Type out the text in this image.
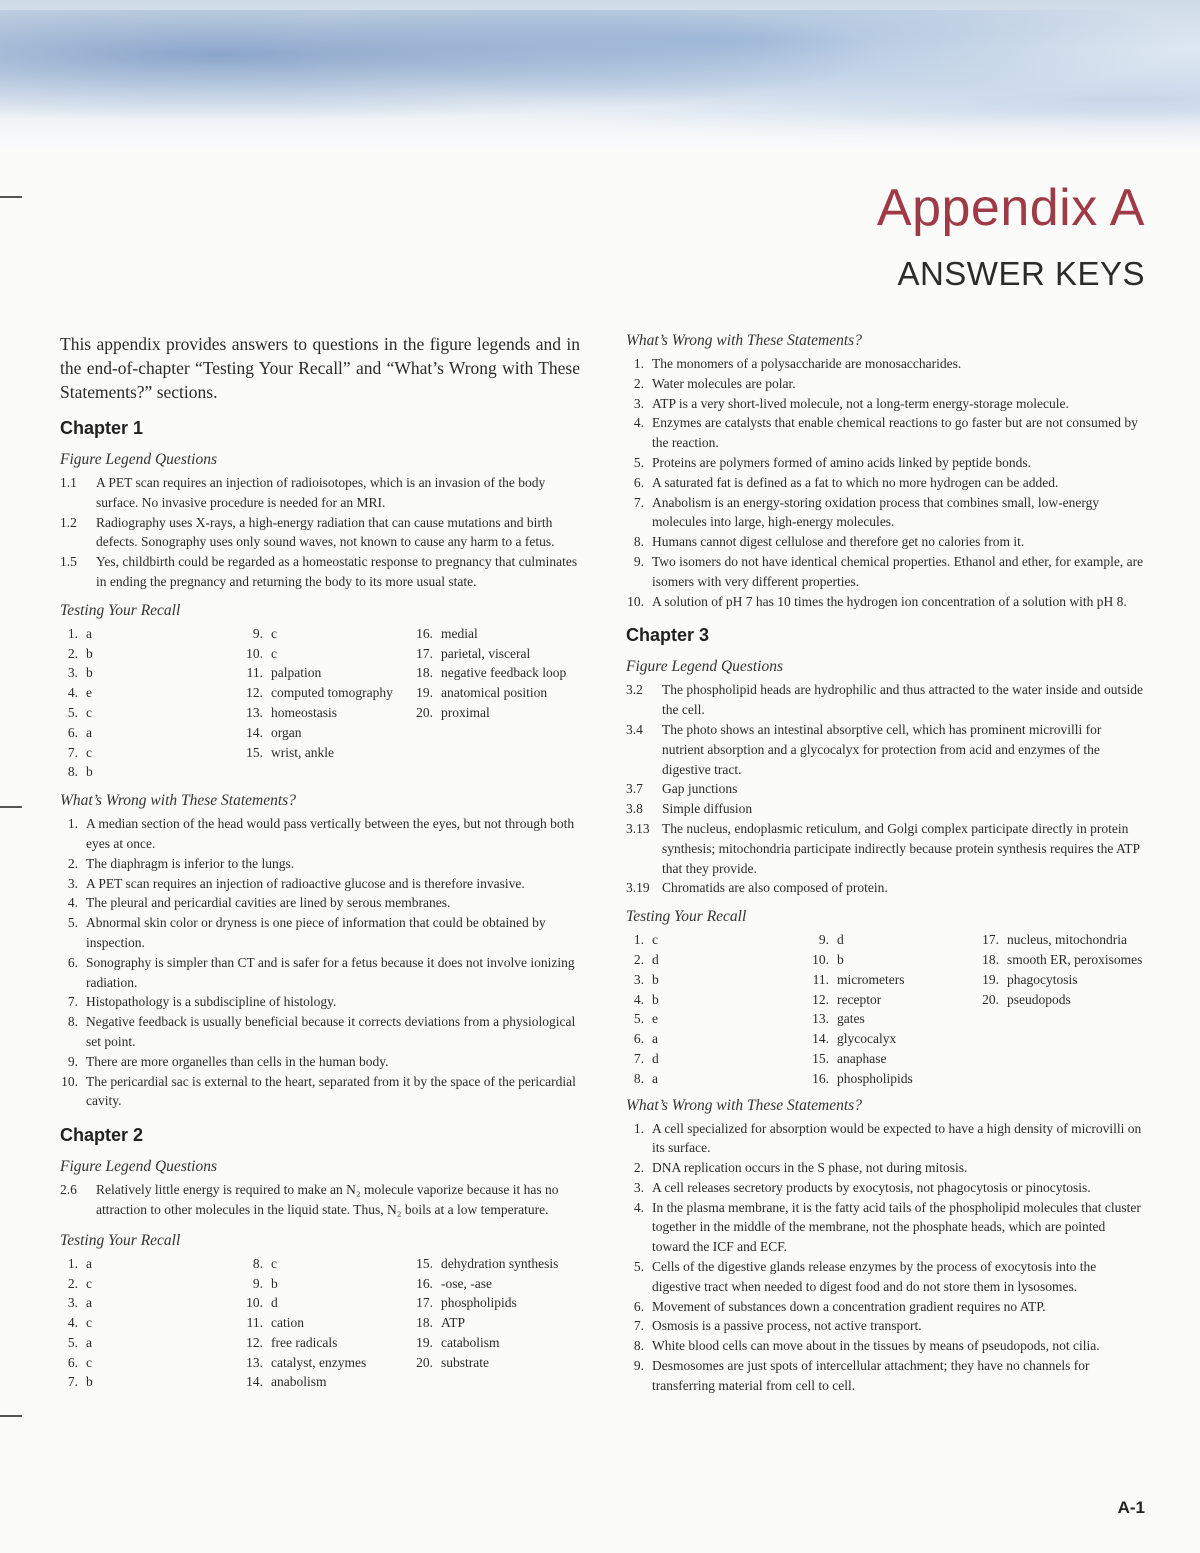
Appendix A
ANSWER KEYS

This appendix provides answers to questions in the figure legends and in the end-of-chapter “Testing Your Recall” and “What’s Wrong with These Statements?” sections.

Chapter 1
Figure Legend Questions
1.1	A PET scan requires an injection of radioisotopes, which is an invasion of the body surface. No invasive procedure is needed for an MRI.
1.2	Radiography uses X-rays, a high-energy radiation that can cause mutations and birth defects. Sonography uses only sound waves, not known to cause any harm to a fetus.
1.5	Yes, childbirth could be regarded as a homeostatic response to pregnancy that culminates in ending the pregnancy and returning the body to its more usual state.
Testing Your Recall
1. a
2. b
3. b
4. e
5. c
6. a
7. c
8. b
9. c
10. c
11. palpation
12. computed tomography
13. homeostasis
14. organ
15. wrist, ankle
16. medial
17. parietal, visceral
18. negative feedback loop
19. anatomical position
20. proximal
What’s Wrong with These Statements?
1. A median section of the head would pass vertically between the eyes, but not through both eyes at once.
2. The diaphragm is inferior to the lungs.
3. A PET scan requires an injection of radioactive glucose and is therefore invasive.
4. The pleural and pericardial cavities are lined by serous membranes.
5. Abnormal skin color or dryness is one piece of information that could be obtained by inspection.
6. Sonography is simpler than CT and is safer for a fetus because it does not involve ionizing radiation.
7. Histopathology is a subdiscipline of histology.
8. Negative feedback is usually beneficial because it corrects deviations from a physiological set point.
9. There are more organelles than cells in the human body.
10. The pericardial sac is external to the heart, separated from it by the space of the pericardial cavity.
Chapter 2
Figure Legend Questions
2.6	Relatively little energy is required to make an N₂ molecule vaporize because it has no attraction to other molecules in the liquid state. Thus, N₂ boils at a low temperature.
Testing Your Recall
1. a
2. c
3. a
4. c
5. a
6. c
7. b
8. c
9. b
10. d
11. cation
12. free radicals
13. catalyst, enzymes
14. anabolism
15. dehydration synthesis
16. -ose, -ase
17. phospholipids
18. ATP
19. catabolism
20. substrate
What’s Wrong with These Statements?
1. The monomers of a polysaccharide are monosaccharides.
2. Water molecules are polar.
3. ATP is a very short-lived molecule, not a long-term energy-storage molecule.
4. Enzymes are catalysts that enable chemical reactions to go faster but are not consumed by the reaction.
5. Proteins are polymers formed of amino acids linked by peptide bonds.
6. A saturated fat is defined as a fat to which no more hydrogen can be added.
7. Anabolism is an energy-storing oxidation process that combines small, low-energy molecules into large, high-energy molecules.
8. Humans cannot digest cellulose and therefore get no calories from it.
9. Two isomers do not have identical chemical properties. Ethanol and ether, for example, are isomers with very different properties.
10. A solution of pH 7 has 10 times the hydrogen ion concentration of a solution with pH 8.
Chapter 3
Figure Legend Questions
3.2	The phospholipid heads are hydrophilic and thus attracted to the water inside and outside the cell.
3.4	The photo shows an intestinal absorptive cell, which has prominent microvilli for nutrient absorption and a glycocalyx for protection from acid and enzymes of the digestive tract.
3.7	Gap junctions
3.8	Simple diffusion
3.13 The nucleus, endoplasmic reticulum, and Golgi complex participate directly in protein synthesis; mitochondria participate indirectly because protein synthesis requires the ATP that they provide.
3.19 Chromatids are also composed of protein.
Testing Your Recall
1. c
2. d
3. b
4. b
5. e
6. a
7. d
8. a
9. d
10. b
11. micrometers
12. receptor
13. gates
14. glycocalyx
15. anaphase
16. phospholipids
17. nucleus, mitochondria
18. smooth ER, peroxisomes
19. phagocytosis
20. pseudopods
What’s Wrong with These Statements?
1. A cell specialized for absorption would be expected to have a high density of microvilli on its surface.
2. DNA replication occurs in the S phase, not during mitosis.
3. A cell releases secretory products by exocytosis, not phagocytosis or pinocytosis.
4. In the plasma membrane, it is the fatty acid tails of the phospholipid molecules that cluster together in the middle of the membrane, not the phosphate heads, which are pointed toward the ICF and ECF.
5. Cells of the digestive glands release enzymes by the process of exocytosis into the digestive tract when needed to digest food and do not store them in lysosomes.
6. Movement of substances down a concentration gradient requires no ATP.
7. Osmosis is a passive process, not active transport.
8. White blood cells can move about in the tissues by means of pseudopods, not cilia.
9. Desmosomes are just spots of intercellular attachment; they have no channels for transferring material from cell to cell.
A-1
